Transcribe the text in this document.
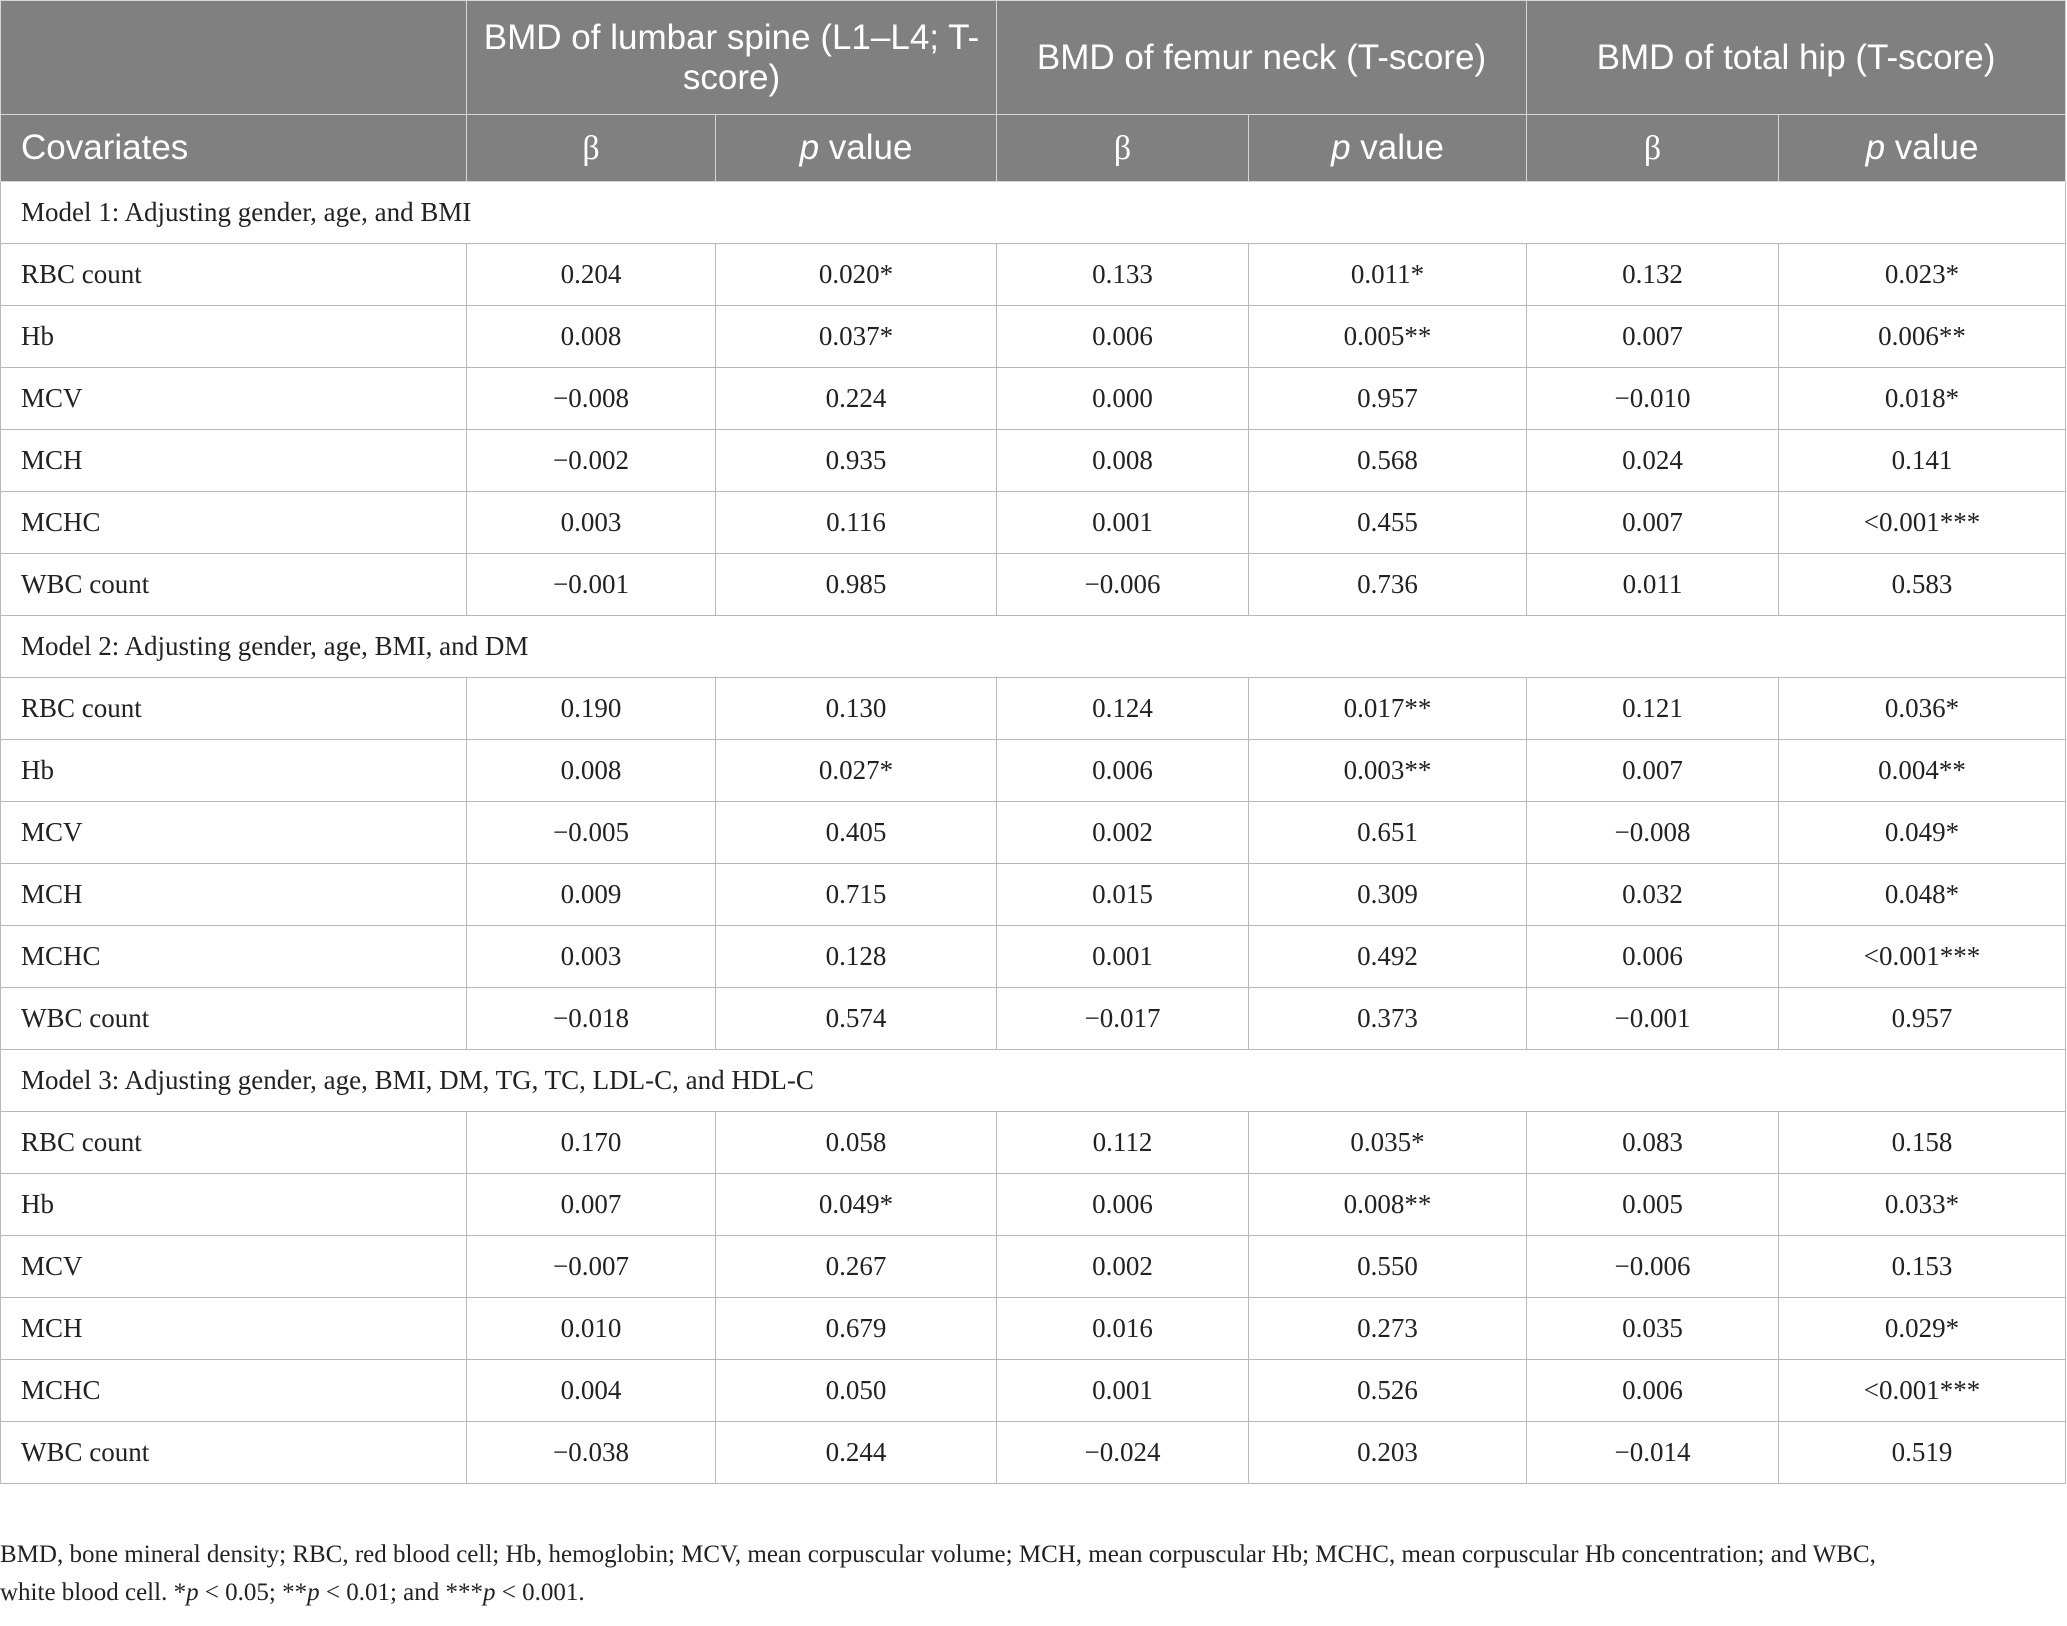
	BMD of lumbar spine (L1–L4; T-score)		BMD of femur neck (T-score)		BMD of total hip (T-score)	
Covariates	β	p value	β	p value	β	p value
Model 1: Adjusting gender, age, and BMI						
RBC count	0.204	0.020*	0.133	0.011*	0.132	0.023*
Hb	0.008	0.037*	0.006	0.005**	0.007	0.006**
MCV	−0.008	0.224	0.000	0.957	−0.010	0.018*
MCH	−0.002	0.935	0.008	0.568	0.024	0.141
MCHC	0.003	0.116	0.001	0.455	0.007	<0.001***
WBC count	−0.001	0.985	−0.006	0.736	0.011	0.583
Model 2: Adjusting gender, age, BMI, and DM						
RBC count	0.190	0.130	0.124	0.017**	0.121	0.036*
Hb	0.008	0.027*	0.006	0.003**	0.007	0.004**
MCV	−0.005	0.405	0.002	0.651	−0.008	0.049*
MCH	0.009	0.715	0.015	0.309	0.032	0.048*
MCHC	0.003	0.128	0.001	0.492	0.006	<0.001***
WBC count	−0.018	0.574	−0.017	0.373	−0.001	0.957
Model 3: Adjusting gender, age, BMI, DM, TG, TC, LDL-C, and HDL-C						
RBC count	0.170	0.058	0.112	0.035*	0.083	0.158
Hb	0.007	0.049*	0.006	0.008**	0.005	0.033*
MCV	−0.007	0.267	0.002	0.550	−0.006	0.153
MCH	0.010	0.679	0.016	0.273	0.035	0.029*
MCHC	0.004	0.050	0.001	0.526	0.006	<0.001***
WBC count	−0.038	0.244	−0.024	0.203	−0.014	0.519
BMD, bone mineral density; RBC, red blood cell; Hb, hemoglobin; MCV, mean corpuscular volume; MCH, mean corpuscular Hb; MCHC, mean corpuscular Hb concentration; and WBC,
white blood cell. *p < 0.05; **p < 0.01; and ***p < 0.001.
